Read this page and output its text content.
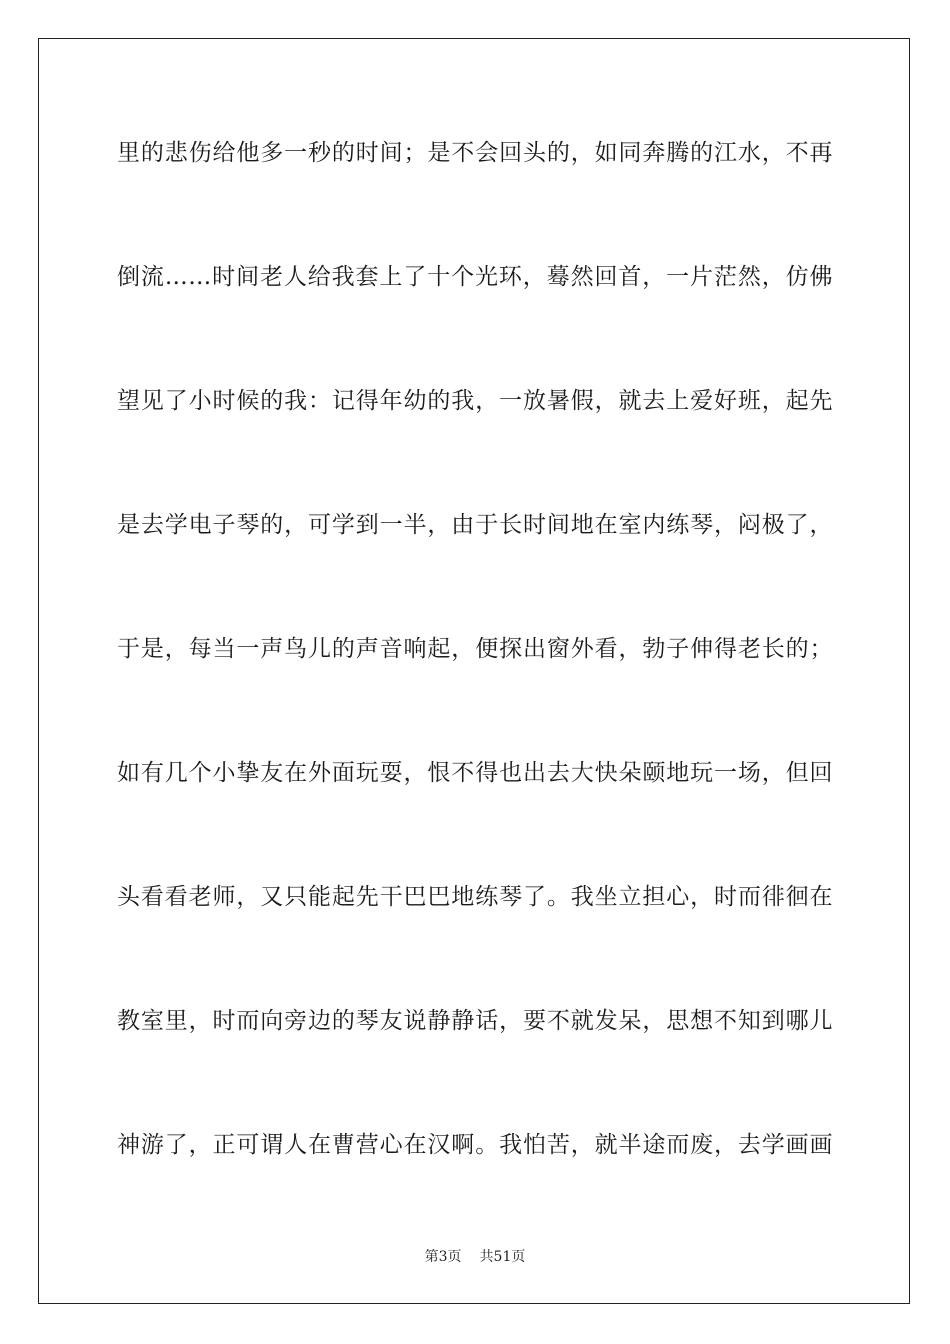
里的悲伤给他多一秒的时间；是不会回头的，如同奔腾的江水，不再
倒流……时间老人给我套上了十个光环，蓦然回首，一片茫然，仿佛
望见了小时候的我：记得年幼的我，一放暑假，就去上爱好班，起先
是去学电子琴的，可学到一半，由于长时间地在室内练琴，闷极了，
于是，每当一声鸟儿的声音响起，便探出窗外看，勃子伸得老长的；
如有几个小挚友在外面玩耍，恨不得也出去大快朵颐地玩一场，但回
头看看老师，又只能起先干巴巴地练琴了。我坐立担心，时而徘徊在
教室里，时而向旁边的琴友说静静话，要不就发呆，思想不知到哪儿
神游了，正可谓人在曹营心在汉啊。我怕苦，就半途而废，去学画画
第3页 共51页
